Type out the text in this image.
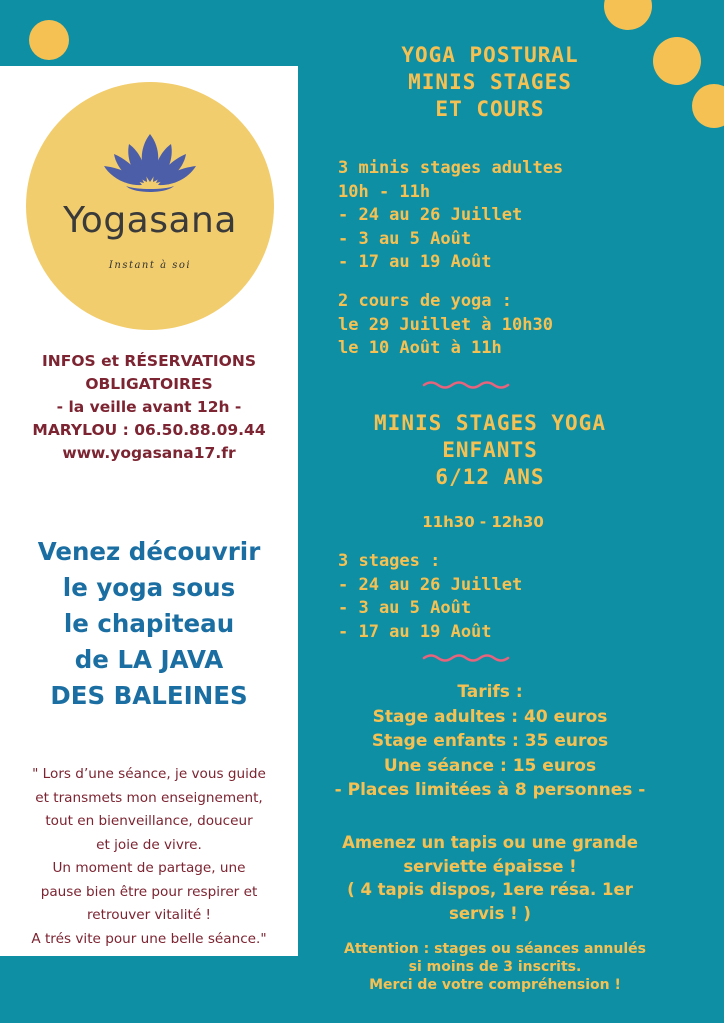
Yogasana
Instant à soi
INFOS et RÉSERVATIONS
OBLIGATOIRES
- la veille avant 12h -
MARYLOU : 06.50.88.09.44
www.yogasana17.fr
Venez découvrir
le yoga sous
le chapiteau
de LA JAVA
DES BALEINES
" Lors d’une séance, je vous guide
et transmets mon enseignement,
tout en bienveillance, douceur
et joie de vivre.
Un moment de partage, une
pause bien être pour respirer et
retrouver vitalité !
A trés vite pour une belle séance."
YOGA POSTURAL
MINIS STAGES
ET COURS
3 minis stages adultes
10h - 11h
- 24 au 26 Juillet
- 3 au 5 Août
- 17 au 19 Août
2 cours de yoga :
le 29 Juillet à 10h30
le 10 Août à 11h
MINIS STAGES YOGA
ENFANTS
6/12 ANS
11h30 - 12h30
3 stages :
- 24 au 26 Juillet
- 3 au 5 Août
- 17 au 19 Août
Tarifs :
Stage adultes : 40 euros
Stage enfants : 35 euros
Une séance : 15 euros
- Places limitées à 8 personnes -
Amenez un tapis ou une grande
serviette épaisse !
( 4 tapis dispos, 1ere résa. 1er
servis ! )
Attention : stages ou séances annulés
si moins de 3 inscrits.
Merci de votre compréhension !
